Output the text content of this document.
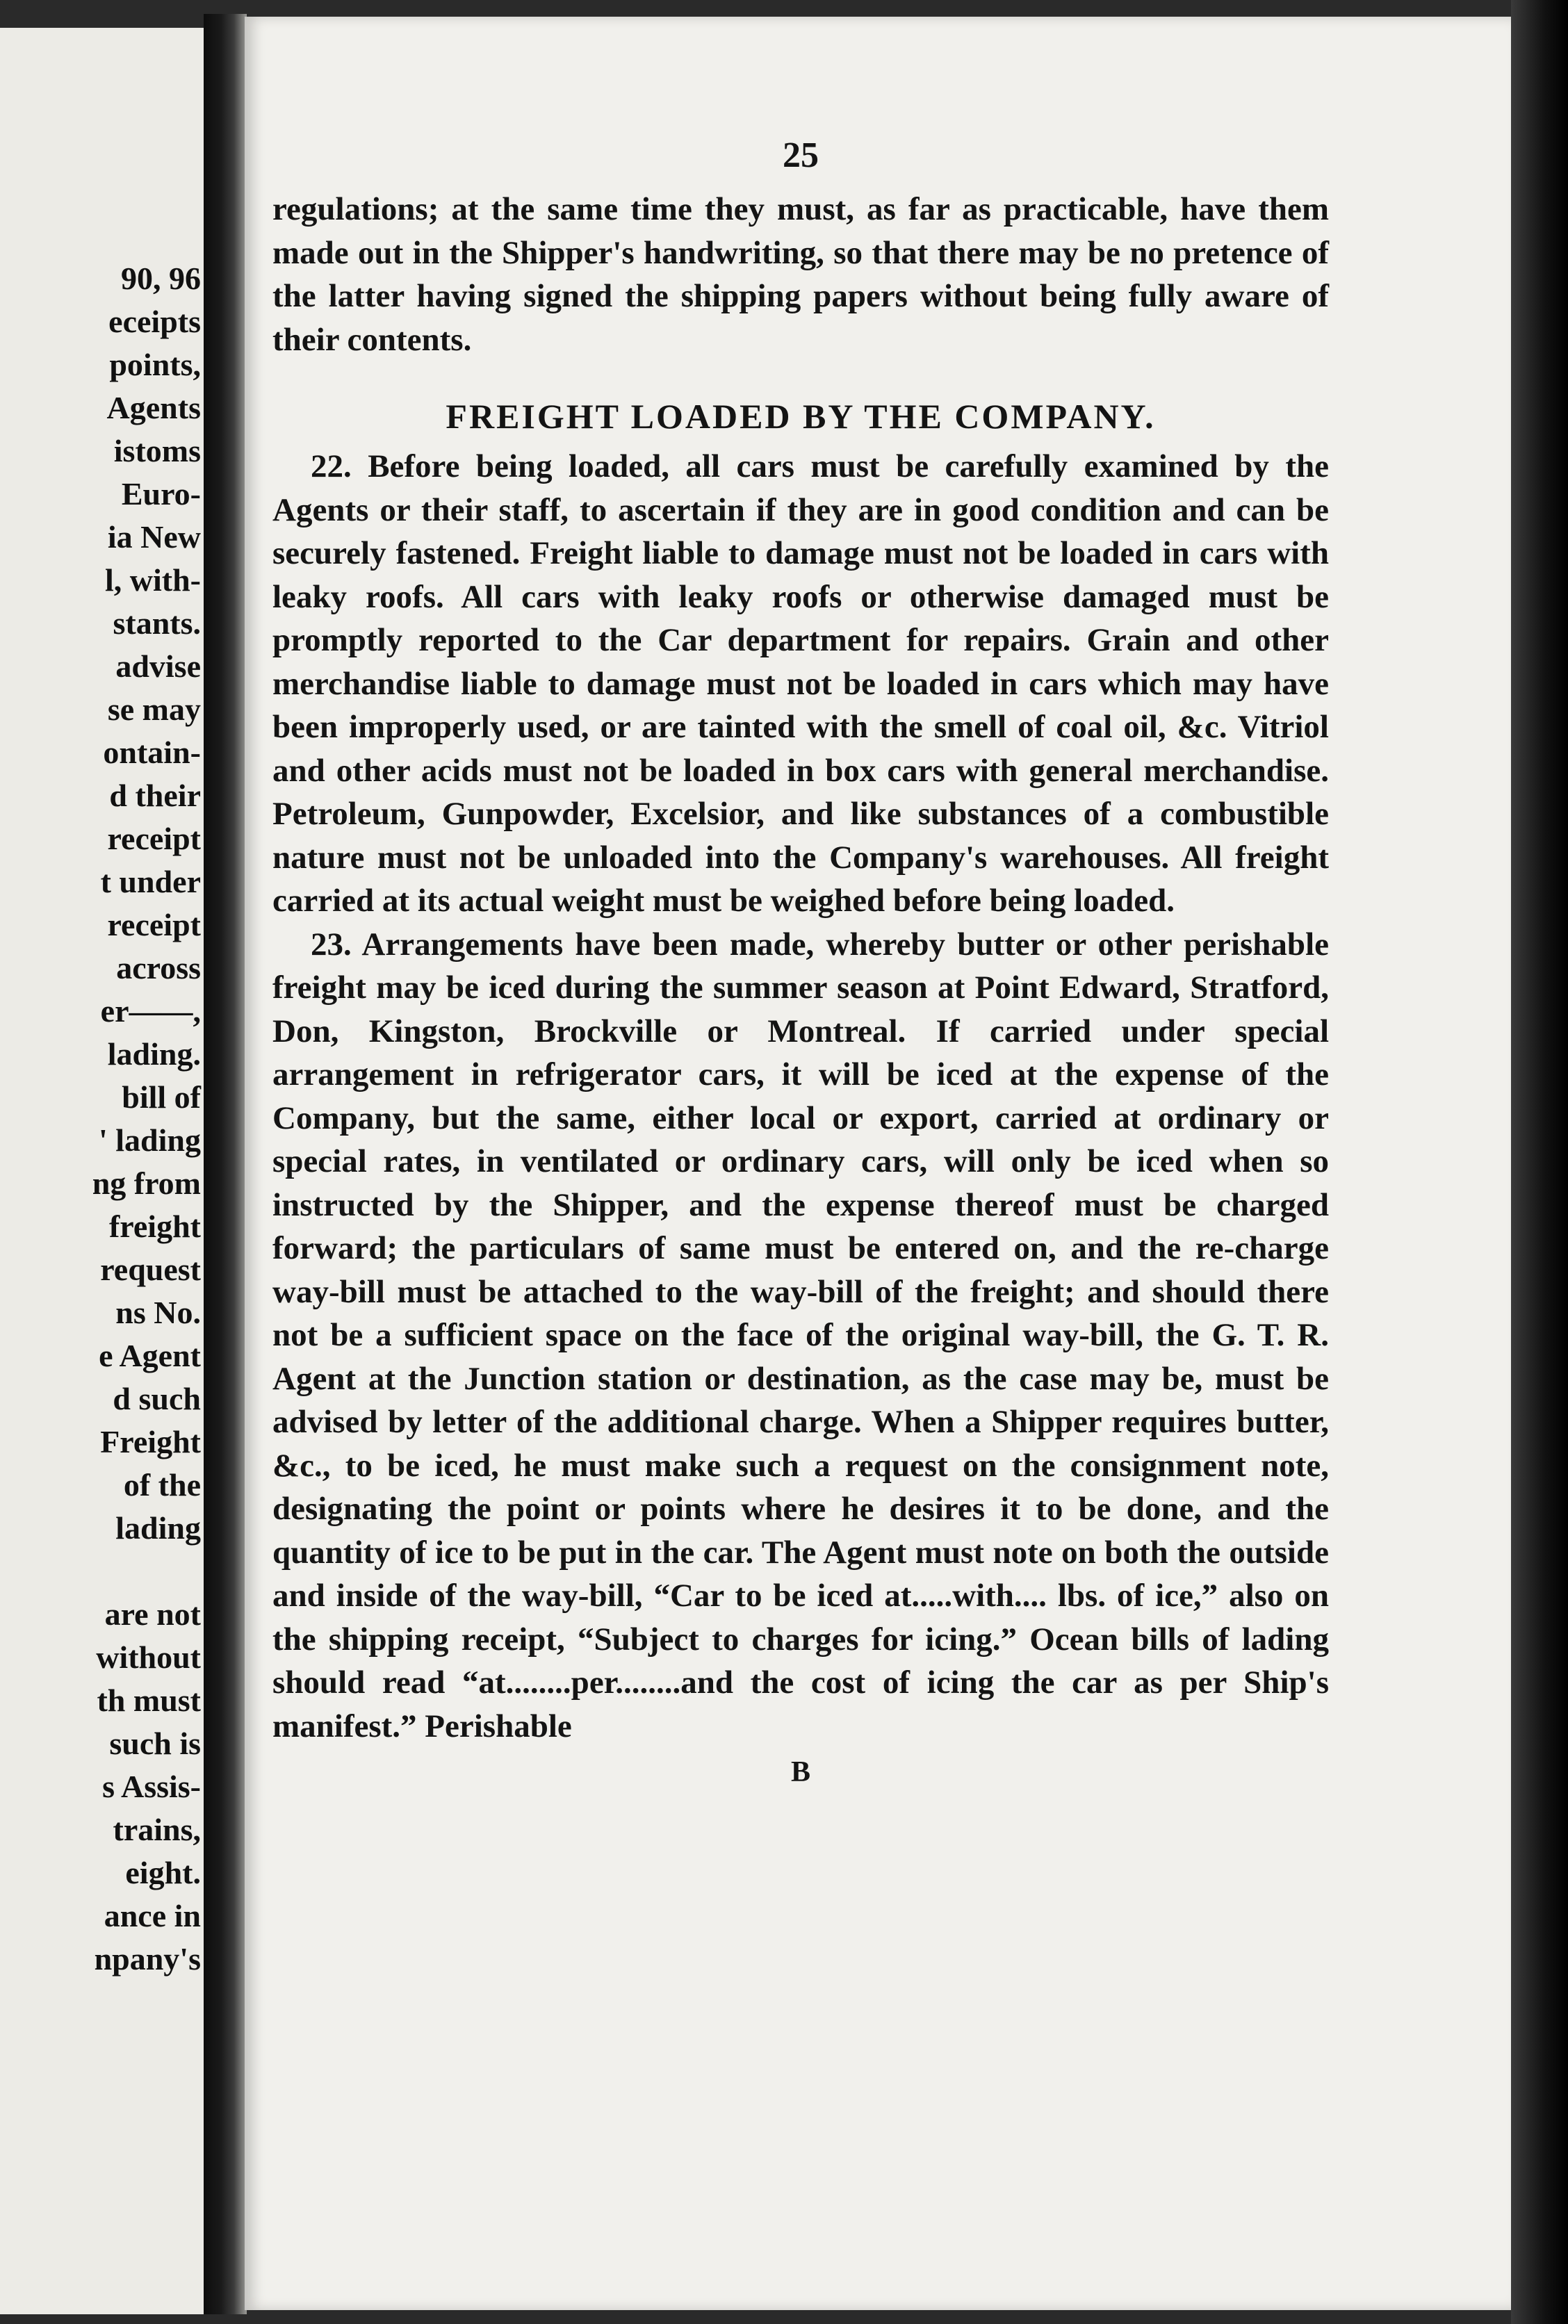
90, 96
eceipts
points,
Agents
istoms
Euro-
ia New
l, with-
stants.
advise
se may
ontain-
d their
receipt
t under
receipt
across
er——,
lading.
bill of
' lading
ng from
freight
request
ns No.
e Agent
d such
Freight
of the
lading
are not
without
th must
such is
s Assis-
trains,
eight.
ance in
npany's
25

regulations; at the same time they must, as far as practicable, have them made out in the Shipper's handwriting, so that there may be no pretence of the latter having signed the shipping papers without being fully aware of their contents.

FREIGHT LOADED BY THE COMPANY.

22. Before being loaded, all cars must be carefully examined by the Agents or their staff, to ascertain if they are in good condition and can be securely fastened. Freight liable to damage must not be loaded in cars with leaky roofs. All cars with leaky roofs or otherwise damaged must be promptly reported to the Car department for repairs. Grain and other merchandise liable to damage must not be loaded in cars which may have been improperly used, or are tainted with the smell of coal oil, &c. Vitriol and other acids must not be loaded in box cars with general merchandise. Petroleum, Gunpowder, Excelsior, and like substances of a combustible nature must not be unloaded into the Company's warehouses. All freight carried at its actual weight must be weighed before being loaded.

23. Arrangements have been made, whereby butter or other perishable freight may be iced during the summer season at Point Edward, Stratford, Don, Kingston, Brockville or Montreal. If carried under special arrangement in refrigerator cars, it will be iced at the expense of the Company, but the same, either local or export, carried at ordinary or special rates, in ventilated or ordinary cars, will only be iced when so instructed by the Shipper, and the expense thereof must be charged forward; the particulars of same must be entered on, and the re-charge way-bill must be attached to the way-bill of the freight; and should there not be a sufficient space on the face of the original way-bill, the G. T. R. Agent at the Junction station or destination, as the case may be, must be advised by letter of the additional charge. When a Shipper requires butter, &c., to be iced, he must make such a request on the consignment note, designating the point or points where he desires it to be done, and the quantity of ice to be put in the car. The Agent must note on both the outside and inside of the way-bill, “Car to be iced at.....with.... lbs. of ice,” also on the shipping receipt, “Subject to charges for icing.” Ocean bills of lading should read “at........per........and the cost of icing the car as per Ship's manifest.” Perishable

B
